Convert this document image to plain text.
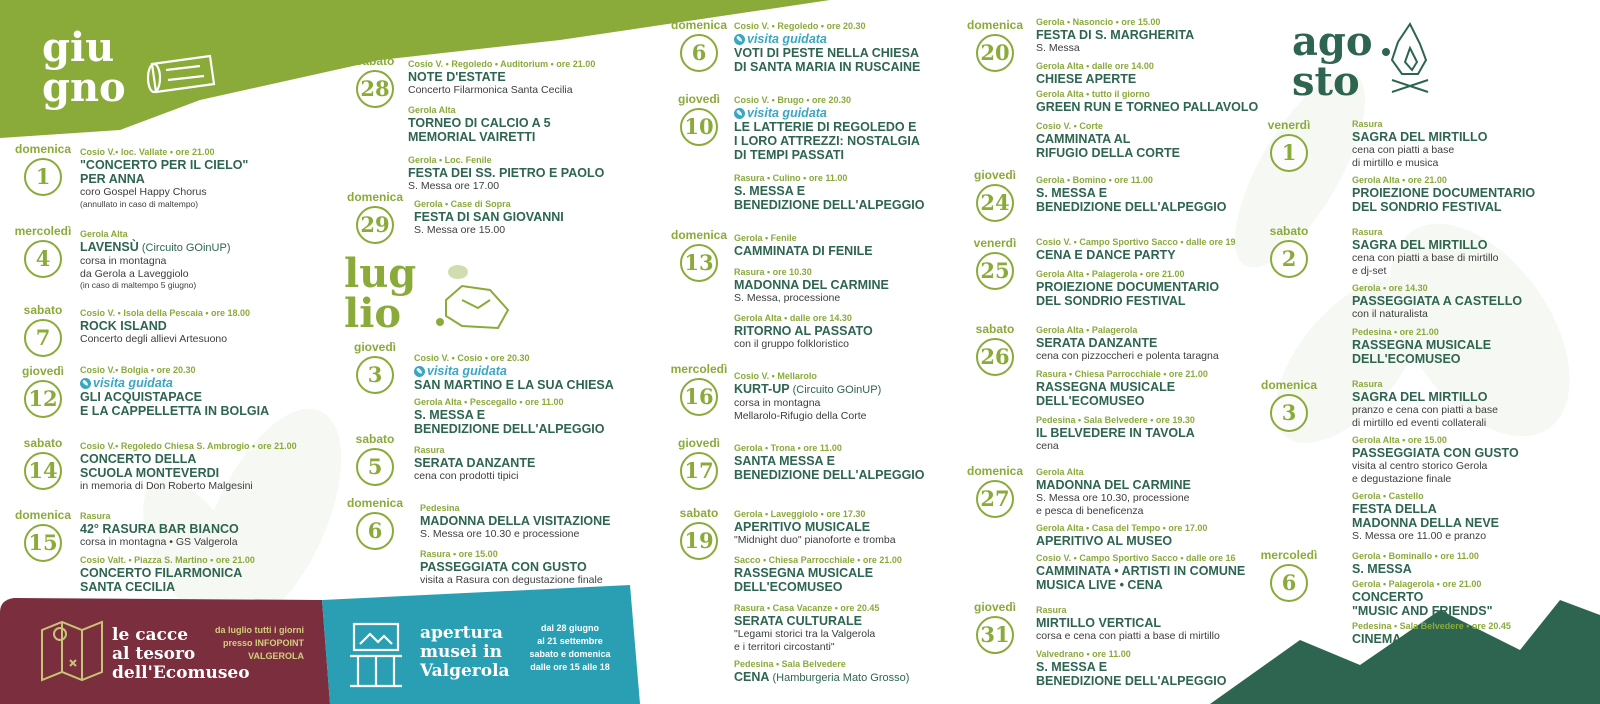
giu
gno
lug
lio
ago
sto
domenica
1
mercoledì
4
sabato
7
giovedì
12
sabato
14
domenica
15
sabato
28
domenica
29
giovedì
3
sabato
5
domenica
6
domenica
6
giovedì
10
domenica
13
mercoledì
16
giovedì
17
sabato
19
domenica
20
giovedì
24
venerdì
25
sabato
26
domenica
27
giovedì
31
venerdì
1
sabato
2
domenica
3
mercoledì
6
Cosio V.• loc. Vallate • ore 21.00
"CONCERTO PER IL CIELO"
PER ANNA
coro Gospel Happy Chorus
(annullato in caso di maltempo)
Gerola Alta
LAVENSÙ (Circuito GOinUP)
corsa in montagna
da Gerola a Laveggiolo
(in caso di maltempo 5 giugno)
Cosio V. • Isola della Pescaia • ore 18.00
ROCK ISLAND
Concerto degli allievi Artesuono
Cosio V.• Bolgia • ore 20.30
✎ visita guidata
GLI ACQUISTAPACE
E LA CAPPELLETTA IN BOLGIA
Cosio V.• Regoledo Chiesa S. Ambrogio • ore 21.00
CONCERTO DELLA
SCUOLA MONTEVERDI
in memoria di Don Roberto Malgesini
Rasura
42° RASURA BAR BIANCO
corsa in montagna • GS Valgerola
Cosio Valt. • Piazza S. Martino • ore 21.00
CONCERTO FILARMONICA
SANTA CECILIA
Cosio V. • Regoledo • Auditorium • ore 21.00
NOTE D'ESTATE
Concerto Filarmonica Santa Cecilia
Gerola Alta
TORNEO DI CALCIO A 5
MEMORIAL VAIRETTI
Gerola • Loc. Fenile
FESTA DEI SS. PIETRO E PAOLO
S. Messa ore 17.00
Gerola • Case di Sopra
FESTA DI SAN GIOVANNI
S. Messa ore 15.00
Cosio V. • Cosio • ore 20.30
✎ visita guidata
SAN MARTINO E LA SUA CHIESA
Gerola Alta • Pescegallo • ore 11.00
S. MESSA E
BENEDIZIONE DELL'ALPEGGIO
Rasura
SERATA DANZANTE
cena con prodotti tipici
Pedesina
MADONNA DELLA VISITAZIONE
S. Messa ore 10.30 e processione
Rasura • ore 15.00
PASSEGGIATA CON GUSTO
visita a Rasura con degustazione finale
Cosio V. • Regoledo • ore 20.30
✎ visita guidata
VOTI DI PESTE NELLA CHIESA
DI SANTA MARIA IN RUSCAINE
Cosio V. • Brugo • ore 20.30
✎ visita guidata
LE LATTERIE DI REGOLEDO E
I LORO ATTREZZI: NOSTALGIA
DI TEMPI PASSATI
Rasura • Culino • ore 11.00
S. MESSA E
BENEDIZIONE DELL'ALPEGGIO
Gerola • Fenile
CAMMINATA DI FENILE
Rasura • ore 10.30
MADONNA DEL CARMINE
S. Messa, processione
Gerola Alta • dalle ore 14.30
RITORNO AL PASSATO
con il gruppo folkloristico
Cosio V. • Mellarolo
KURT-UP (Circuito GOinUP)
corsa in montagna
Mellarolo-Rifugio della Corte
Gerola • Trona • ore 11.00
SANTA MESSA E
BENEDIZIONE DELL'ALPEGGIO
Gerola • Laveggiolo • ore 17.30
APERITIVO MUSICALE
"Midnight duo" pianoforte e tromba
Sacco • Chiesa Parrocchiale • ore 21.00
RASSEGNA MUSICALE
DELL'ECOMUSEO
Rasura • Casa Vacanze • ore 20.45
SERATA CULTURALE
"Legami storici tra la Valgerola
e i territori circostanti"
Pedesina • Sala Belvedere
CENA (Hamburgeria Mato Grosso)
Gerola • Nasoncio • ore 15.00
FESTA DI S. MARGHERITA
S. Messa
Gerola Alta • dalle ore 14.00
CHIESE APERTE
Gerola Alta • tutto il giorno
GREEN RUN E TORNEO PALLAVOLO
Cosio V. • Corte
CAMMINATA AL
RIFUGIO DELLA CORTE
Gerola • Bomino • ore 11.00
S. MESSA E
BENEDIZIONE DELL'ALPEGGIO
Cosio V. • Campo Sportivo Sacco • dalle ore 19
CENA E DANCE PARTY
Gerola Alta • Palagerola • ore 21.00
PROIEZIONE DOCUMENTARIO
DEL SONDRIO FESTIVAL
Gerola Alta • Palagerola
SERATA DANZANTE
cena con pizzoccheri e polenta taragna
Rasura • Chiesa Parrocchiale • ore 21.00
RASSEGNA MUSICALE
DELL'ECOMUSEO
Pedesina • Sala Belvedere • ore 19.30
IL BELVEDERE IN TAVOLA
cena
Gerola Alta
MADONNA DEL CARMINE
S. Messa ore 10.30, processione
e pesca di beneficenza
Gerola Alta • Casa del Tempo • ore 17.00
APERITIVO AL MUSEO
Cosio V. • Campo Sportivo Sacco • dalle ore 16
CAMMINATA • ARTISTI IN COMUNE
MUSICA LIVE • CENA
Rasura
MIRTILLO VERTICAL
corsa e cena con piatti a base di mirtillo
Valvedrano • ore 11.00
S. MESSA E
BENEDIZIONE DELL'ALPEGGIO
Rasura
SAGRA DEL MIRTILLO
cena con piatti a base
di mirtillo e musica
Gerola Alta • ore 21.00
PROIEZIONE DOCUMENTARIO
DEL SONDRIO FESTIVAL
Rasura
SAGRA DEL MIRTILLO
cena con piatti a base di mirtillo
e dj-set
Gerola • ore 14.30
PASSEGGIATA A CASTELLO
con il naturalista
Pedesina • ore 21.00
RASSEGNA MUSICALE
DELL'ECOMUSEO
Rasura
SAGRA DEL MIRTILLO
pranzo e cena con piatti a base
di mirtillo ed eventi collaterali
Gerola Alta • ore 15.00
PASSEGGIATA CON GUSTO
visita al centro storico Gerola
e degustazione finale
Gerola • Castello
FESTA DELLA
MADONNA DELLA NEVE
S. Messa ore 11.00 e pranzo
Gerola • Bominallo • ore 11.00
S. MESSA
Gerola • Palagerola • ore 21.00
CONCERTO
"MUSIC AND FRIENDS"
Pedesina • Sala Belvedere • ore 20.45
CINEMA BELVEDERE
le cacce
al tesoro
dell'Ecomuseo
da luglio tutti i giorni
presso INFOPOINT
VALGEROLA
apertura
musei in
Valgerola
dal 28 giugno
al 21 settembre
sabato e domenica
dalle ore 15 alle 18
